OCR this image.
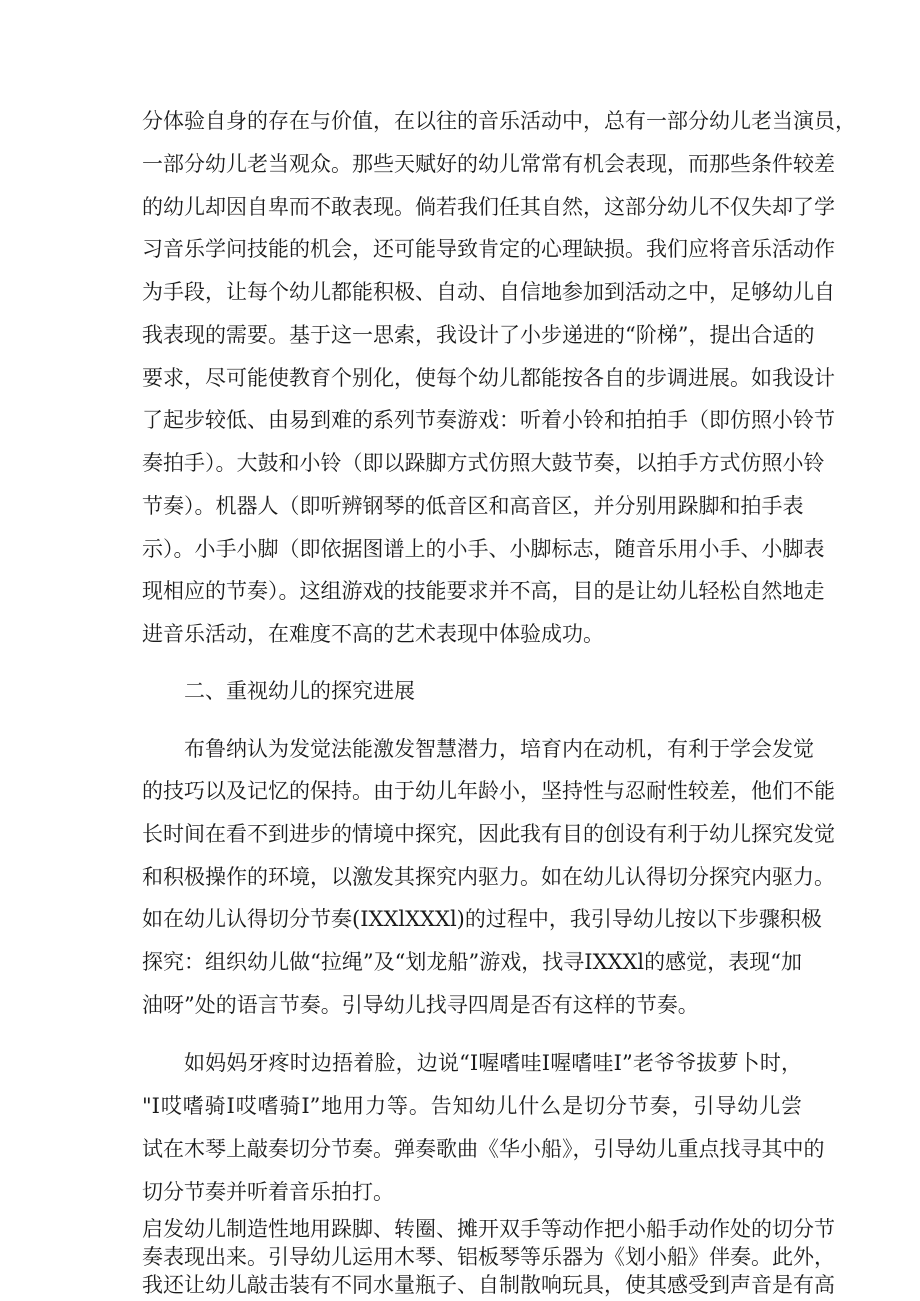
分体验自身的存在与价值，在以往的音乐活动中，总有一部分幼儿老当演员，
一部分幼儿老当观众。那些天赋好的幼儿常常有机会表现，而那些条件较差
的幼儿却因自卑而不敢表现。倘若我们任其自然，这部分幼儿不仅失却了学
习音乐学问技能的机会，还可能导致肯定的心理缺损。我们应将音乐活动作
为手段，让每个幼儿都能积极、自动、自信地参加到活动之中，足够幼儿自
我表现的需要。基于这一思索，我设计了小步递进的“阶梯”，提出合适的
要求，尽可能使教育个别化，使每个幼儿都能按各自的步调进展。如我设计
了起步较低、由易到难的系列节奏游戏：听着小铃和拍拍手（即仿照小铃节
奏拍手）。大鼓和小铃（即以跺脚方式仿照大鼓节奏，以拍手方式仿照小铃
节奏）。机器人（即听辨钢琴的低音区和高音区，并分别用跺脚和拍手表
示）。小手小脚（即依据图谱上的小手、小脚标志，随音乐用小手、小脚表
现相应的节奏）。这组游戏的技能要求并不高，目的是让幼儿轻松自然地走
进音乐活动，在难度不高的艺术表现中体验成功。
二、重视幼儿的探究进展
布鲁纳认为发觉法能激发智慧潜力，培育内在动机，有利于学会发觉
的技巧以及记忆的保持。由于幼儿年龄小，坚持性与忍耐性较差，他们不能
长时间在看不到进步的情境中探究，因此我有目的创设有利于幼儿探究发觉
和积极操作的环境，以激发其探究内驱力。如在幼儿认得切分探究内驱力。
如在幼儿认得切分节奏(IXXlXXXl)的过程中，我引导幼儿按以下步骤积极
探究：组织幼儿做“拉绳”及“划龙船”游戏，找寻IXXXl的感觉，表现“加
油呀”处的语言节奏。引导幼儿找寻四周是否有这样的节奏。
如妈妈牙疼时边捂着脸，边说“I喔嗜哇I喔嗜哇I”老爷爷拔萝卜时，
"I哎嗜骑I哎嗜骑I”地用力等。告知幼儿什么是切分节奏，引导幼儿尝
试在木琴上敲奏切分节奏。弹奏歌曲《华小船》，引导幼儿重点找寻其中的
切分节奏并听着音乐拍打。
启发幼儿制造性地用跺脚、转圈、摊开双手等动作把小船手动作处的切分节
奏表现出来。引导幼儿运用木琴、铝板琴等乐器为《划小船》伴奏。此外，
我还让幼儿敲击装有不同水量瓶子、自制散响玩具，使其感受到声音是有高
